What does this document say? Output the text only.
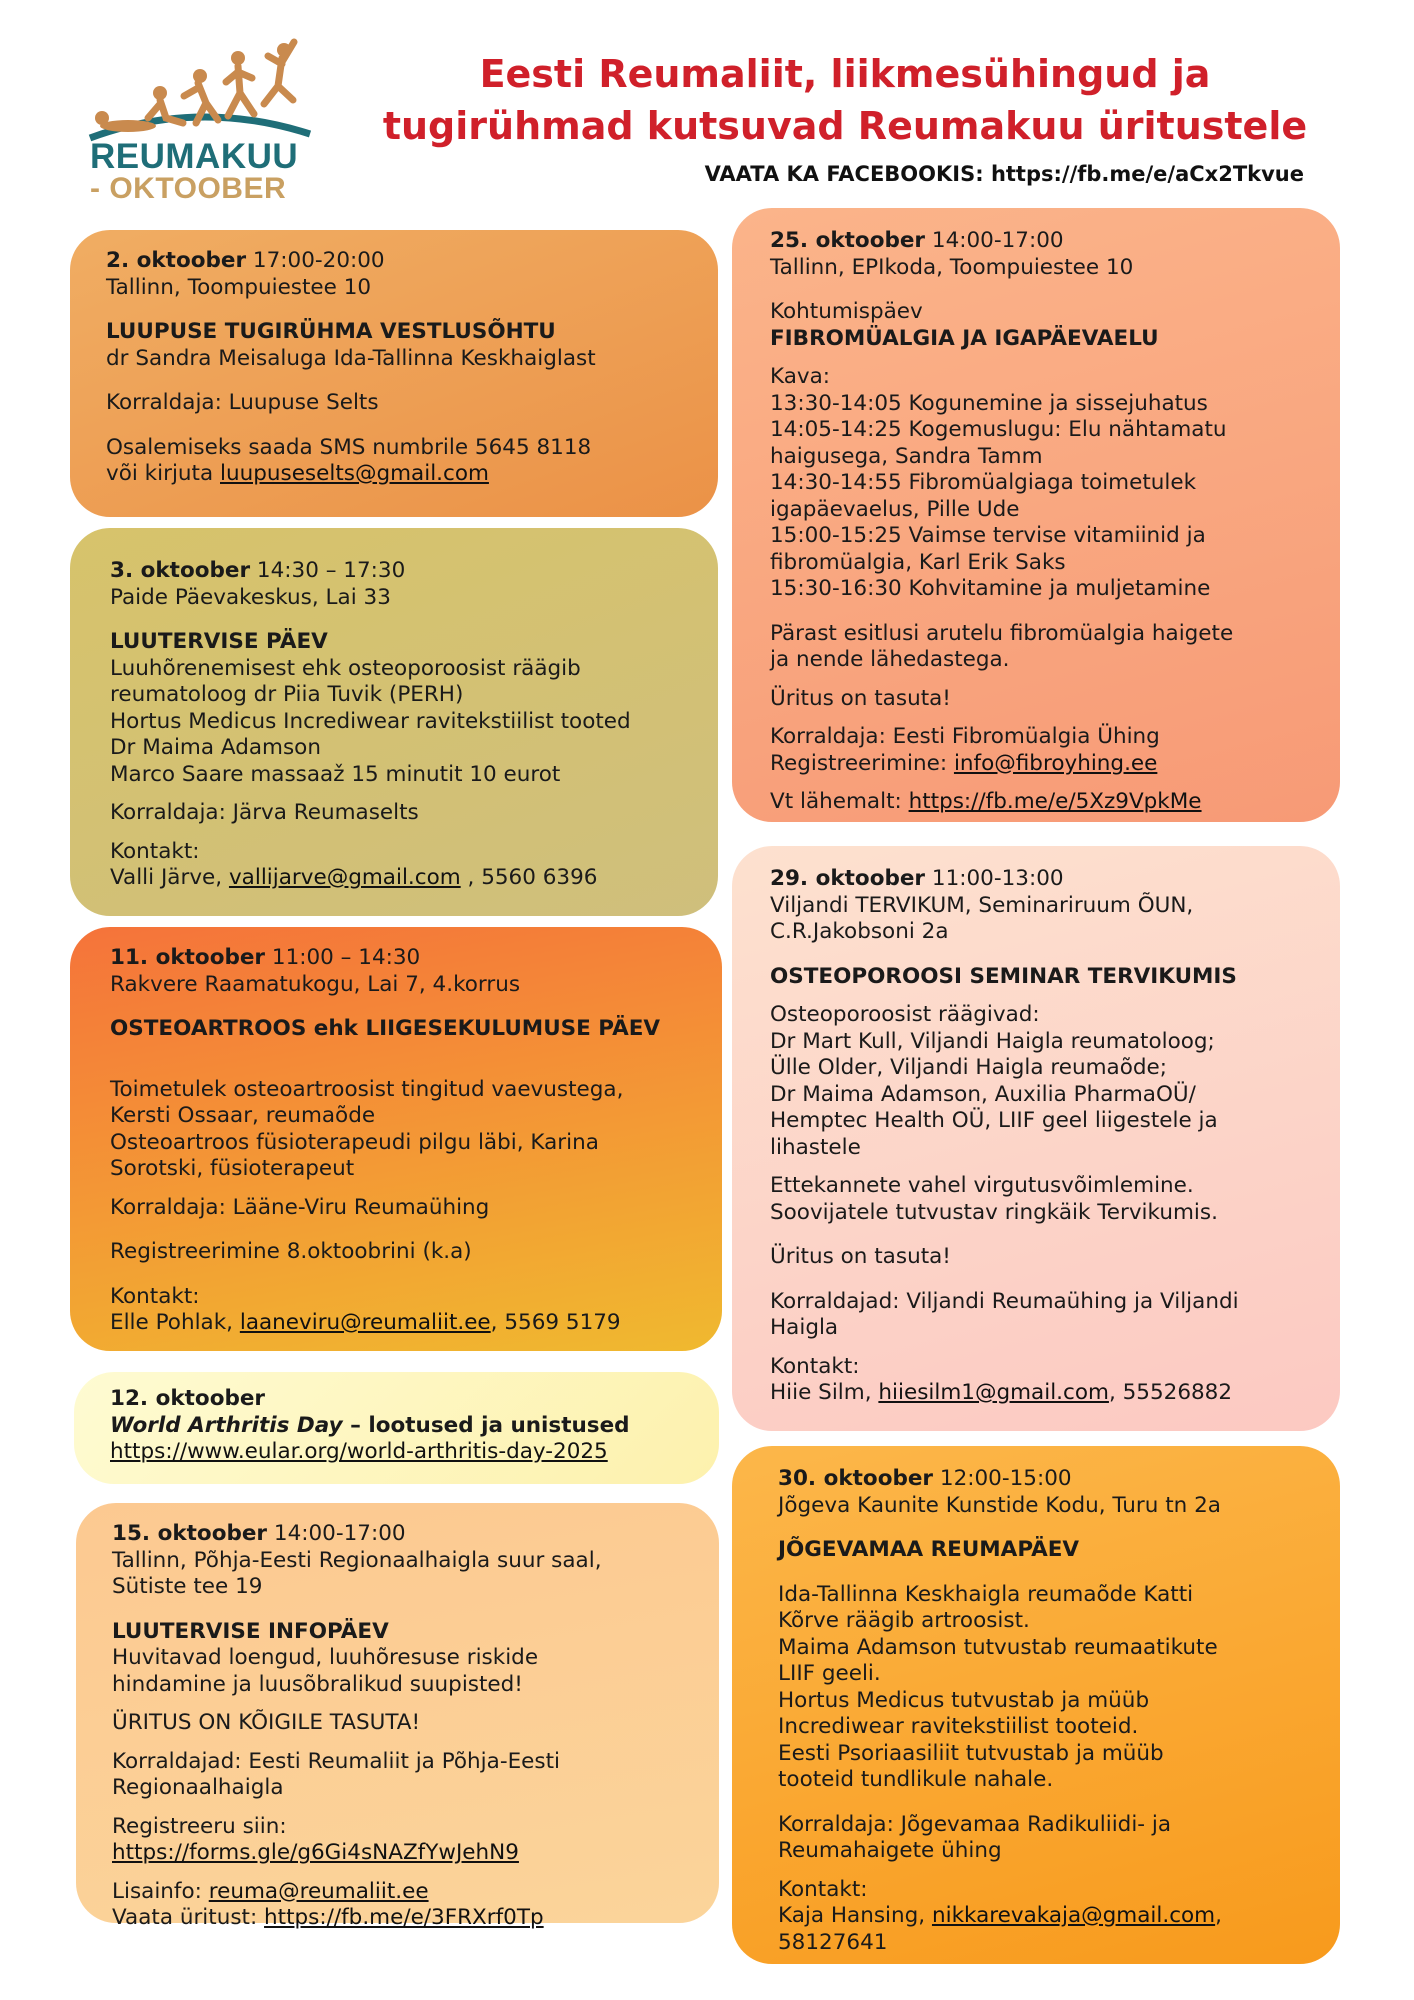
REUMAKUU
- OKTOOBER
Eesti Reumaliit, liikmesühingud ja
tugirühmad kutsuvad Reumakuu üritustele
VAATA KA FACEBOOKIS: https://fb.me/e/aCx2Tkvue

2. oktoober 17:00-20:00

Tallinn, Toompuiestee 10

LUUPUSE TUGIRÜHMA VESTLUSÕHTU

dr Sandra Meisaluga Ida-Tallinna Keskhaiglast

Korraldaja: Luupuse Selts

Osalemiseks saada SMS numbrile 5645 8118

või kirjuta luupuseselts@gmail.com

3. oktoober 14:30 – 17:30

Paide Päevakeskus, Lai 33

LUUTERVISE PÄEV

Luuhõrenemisest ehk osteoporoosist räägib

reumatoloog dr Piia Tuvik (PERH)

Hortus Medicus Incrediwear ravitekstiilist tooted

Dr Maima Adamson

Marco Saare massaaž 15 minutit 10 eurot

Korraldaja: Järva Reumaselts

Kontakt:

Valli Järve, vallijarve@gmail.com , 5560 6396

11. oktoober 11:00 – 14:30

Rakvere Raamatukogu, Lai 7, 4.korrus

OSTEOARTROOS ehk LIIGESEKULUMUSE PÄEV

Toimetulek osteoartroosist tingitud vaevustega,

Kersti Ossaar, reumaõde

Osteoartroos füsioterapeudi pilgu läbi, Karina

Sorotski, füsioterapeut

Korraldaja: Lääne-Viru Reumaühing

Registreerimine 8.oktoobrini (k.a)

Kontakt:

Elle Pohlak, laaneviru@reumaliit.ee, 5569 5179

12. oktoober

World Arthritis Day – lootused ja unistused

https://www.eular.org/world-arthritis-day-2025

15. oktoober 14:00-17:00

Tallinn, Põhja-Eesti Regionaalhaigla suur saal,

Sütiste tee 19

LUUTERVISE INFOPÄEV

Huvitavad loengud, luuhõresuse riskide

hindamine ja luusõbralikud suupisted!

ÜRITUS ON KÕIGILE TASUTA!

Korraldajad: Eesti Reumaliit ja Põhja-Eesti

Regionaalhaigla

Registreeru siin:

https://forms.gle/g6Gi4sNAZfYwJehN9

Lisainfo: reuma@reumaliit.ee

Vaata üritust: https://fb.me/e/3FRXrf0Tp

25. oktoober 14:00-17:00

Tallinn, EPIkoda, Toompuiestee 10

Kohtumispäev

FIBROMÜALGIA JA IGAPÄEVAELU

Kava:

13:30-14:05 Kogunemine ja sissejuhatus

14:05-14:25 Kogemuslugu: Elu nähtamatu

haigusega, Sandra Tamm

14:30-14:55 Fibromüalgiaga toimetulek

igapäevaelus, Pille Ude

15:00-15:25 Vaimse tervise vitamiinid ja

fibromüalgia, Karl Erik Saks

15:30-16:30 Kohvitamine ja muljetamine

Pärast esitlusi arutelu fibromüalgia haigete

ja nende lähedastega.

Üritus on tasuta!

Korraldaja: Eesti Fibromüalgia Ühing

Registreerimine: info@fibroyhing.ee

Vt lähemalt: https://fb.me/e/5Xz9VpkMe

29. oktoober 11:00-13:00

Viljandi TERVIKUM, Seminariruum ÕUN,

C.R.Jakobsoni 2a

OSTEOPOROOSI SEMINAR TERVIKUMIS

Osteoporoosist räägivad:

Dr Mart Kull, Viljandi Haigla reumatoloog;

Ülle Older, Viljandi Haigla reumaõde;

Dr Maima Adamson, Auxilia PharmaOÜ/

Hemptec Health OÜ, LIIF geel liigestele ja

lihastele

Ettekannete vahel virgutusvõimlemine.

Soovijatele tutvustav ringkäik Tervikumis.

Üritus on tasuta!

Korraldajad: Viljandi Reumaühing ja Viljandi

Haigla

Kontakt:

Hiie Silm, hiiesilm1@gmail.com, 55526882

30. oktoober 12:00-15:00

Jõgeva Kaunite Kunstide Kodu, Turu tn 2a

JÕGEVAMAA REUMAPÄEV

Ida-Tallinna Keskhaigla reumaõde Katti

Kõrve räägib artroosist.

Maima Adamson tutvustab reumaatikute

LIIF geeli.

Hortus Medicus tutvustab ja müüb

Incrediwear ravitekstiilist tooteid.

Eesti Psoriaasiliit tutvustab ja müüb

tooteid tundlikule nahale.

Korraldaja: Jõgevamaa Radikuliidi- ja

Reumahaigete ühing

Kontakt:

Kaja Hansing, nikkarevakaja@gmail.com,

58127641
